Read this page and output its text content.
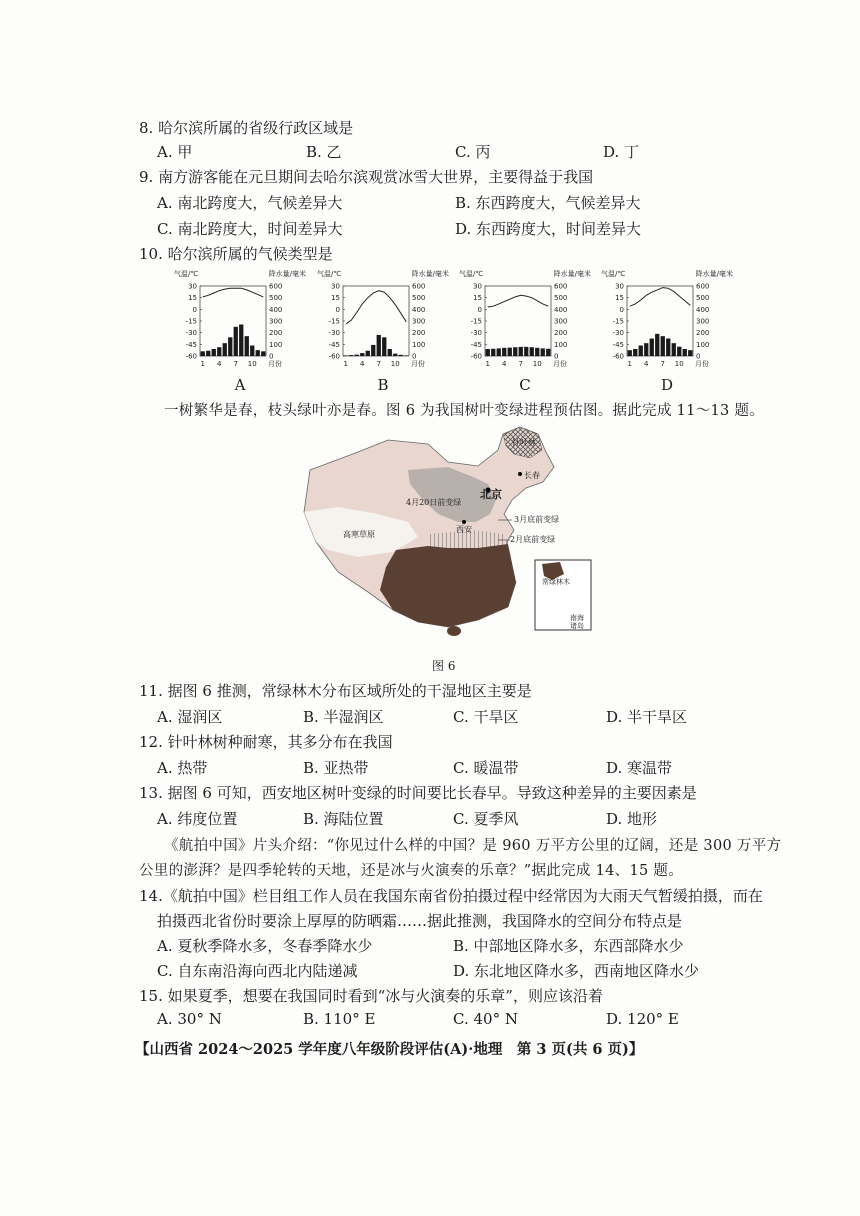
8. 哈尔滨所属的省级行政区域是
A. 甲	B. 乙	C. 丙	D. 丁
9. 南方游客能在元旦期间去哈尔滨观赏冰雪大世界，主要得益于我国
A. 南北跨度大，气候差异大	B. 东西跨度大，气候差异大
C. 南北跨度大，时间差异大	D. 东西跨度大，时间差异大
10. 哈尔滨所属的气候类型是
气温/℃	降水量/毫米
30
15
0
-15
-30
-45
-60
600
500
400
300
200
100
0
1 4 7 10 月份
A
气温/℃	降水量/毫米
30
15
0
-15
-30
-45
-60
600
500
400
300
200
100
0
1 4 7 10 月份
B
气温/℃	降水量/毫米
30
15
0
-15
-30
-45
-60
600
500
400
300
200
100
0
1 4 7 10 月份
C
气温/℃	降水量/毫米
30
15
0
-15
-30
-45
-60
600
500
400
300
200
100
0
1 4 7 10 月份
D
一树繁华是春，枝头绿叶亦是春。图 6 为我国树叶变绿进程预估图。据此完成 11～13 题。
针叶林
长春
北京
4月20日前变绿
3月底前变绿
2月底前变绿
高寒草原
西安
常绿林木
南海诸岛
图 6
11. 据图 6 推测，常绿林木分布区域所处的干湿地区主要是
A. 湿润区	B. 半湿润区	C. 干旱区	D. 半干旱区
12. 针叶林树种耐寒，其多分布在我国
A. 热带	B. 亚热带	C. 暖温带	D. 寒温带
13. 据图 6 可知，西安地区树叶变绿的时间要比长春早。导致这种差异的主要因素是
A. 纬度位置	B. 海陆位置	C. 夏季风	D. 地形
《航拍中国》片头介绍：“你见过什么样的中国？是 960 万平方公里的辽阔，还是 300 万平方
公里的澎湃？是四季轮转的天地，还是冰与火演奏的乐章？”据此完成 14、15 题。
14.《航拍中国》栏目组工作人员在我国东南省份拍摄过程中经常因为大雨天气暂缓拍摄，而在
拍摄西北省份时要涂上厚厚的防晒霜……据此推测，我国降水的空间分布特点是
A. 夏秋季降水多，冬春季降水少	B. 中部地区降水多，东西部降水少
C. 自东南沿海向西北内陆递减	D. 东北地区降水多，西南地区降水少
15. 如果夏季，想要在我国同时看到“冰与火演奏的乐章”，则应该沿着
A. 30° N	B. 110° E	C. 40° N	D. 120° E
【山西省 2024～2025 学年度八年级阶段评估(A)·地理　第 3 页(共 6 页)】
